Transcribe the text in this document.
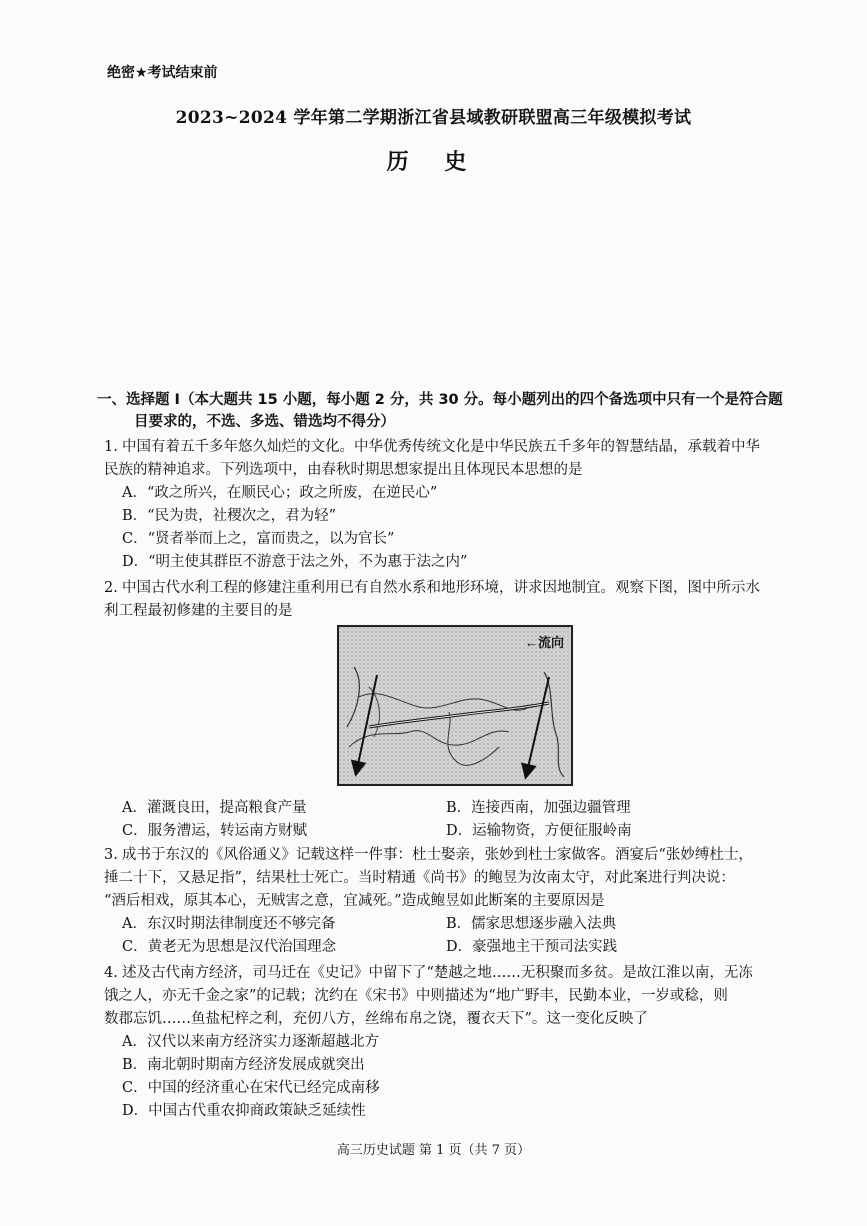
绝密★考试结束前
2023~2024 学年第二学期浙江省县域教研联盟高三年级模拟考试
历 史
一、选择题 I（本大题共 15 小题，每小题 2 分，共 30 分。每小题列出的四个备选项中只有一个是符合题
目要求的，不选、多选、错选均不得分）
1. 中国有着五千多年悠久灿烂的文化。中华优秀传统文化是中华民族五千多年的智慧结晶，承载着中华
民族的精神追求。下列选项中，由春秋时期思想家提出且体现民本思想的是
A．“政之所兴，在顺民心；政之所废，在逆民心”
B．“民为贵，社稷次之，君为轻”
C．“贤者举而上之，富而贵之，以为官长”
D．“明主使其群臣不游意于法之外，不为惠于法之内”
2. 中国古代水利工程的修建注重利用已有自然水系和地形环境，讲求因地制宜。观察下图，图中所示水
利工程最初修建的主要目的是
←流向
A．灌溉良田，提高粮食产量	B．连接西南，加强边疆管理
C．服务漕运，转运南方财赋	D．运输物资，方便征服岭南
3. 成书于东汉的《风俗通义》记载这样一件事：杜士娶亲，张妙到杜士家做客。酒宴后“张妙缚杜士，
捶二十下，又悬足指”，结果杜士死亡。当时精通《尚书》的鲍昱为汝南太守，对此案进行判决说：
“酒后相戏，原其本心，无贼害之意，宜减死。”造成鲍昱如此断案的主要原因是
A．东汉时期法律制度还不够完备	B．儒家思想逐步融入法典
C．黄老无为思想是汉代治国理念	D．豪强地主干预司法实践
4. 述及古代南方经济，司马迁在《史记》中留下了“楚越之地……无积聚而多贫。是故江淮以南，无冻
饿之人，亦无千金之家”的记载；沈约在《宋书》中则描述为“地广野丰，民勤本业，一岁或稔，则
数郡忘饥……鱼盐杞梓之利，充仞八方，丝绵布帛之饶，覆衣天下”。这一变化反映了
A．汉代以来南方经济实力逐渐超越北方
B．南北朝时期南方经济发展成就突出
C．中国的经济重心在宋代已经完成南移
D．中国古代重农抑商政策缺乏延续性
高三历史试题 第 1 页（共 7 页）
